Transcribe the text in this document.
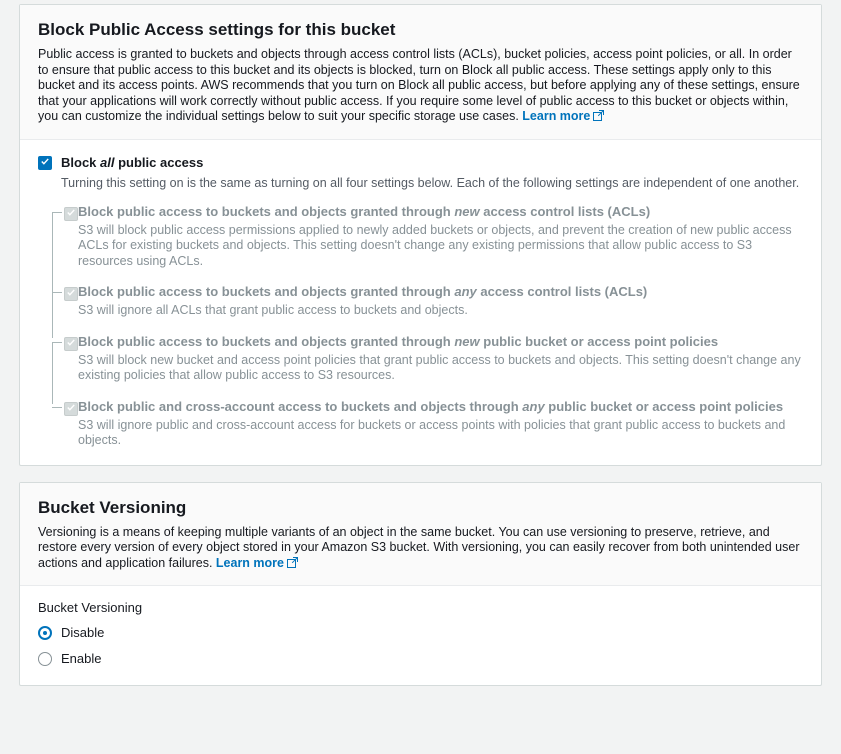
Block Public Access settings for this bucket
Public access is granted to buckets and objects through access control lists (ACLs), bucket policies, access point policies, or all. In order to ensure that public access to this bucket and its objects is blocked, turn on Block all public access. These settings apply only to this bucket and its access points. AWS recommends that you turn on Block all public access, but before applying any of these settings, ensure that your applications will work correctly without public access. If you require some level of public access to this bucket or objects within, you can customize the individual settings below to suit your specific storage use cases. Learn more
Block all public access
Turning this setting on is the same as turning on all four settings below. Each of the following settings are independent of one another.
Block public access to buckets and objects granted through new access control lists (ACLs)
S3 will block public access permissions applied to newly added buckets or objects, and prevent the creation of new public access ACLs for existing buckets and objects. This setting doesn't change any existing permissions that allow public access to S3 resources using ACLs.
Block public access to buckets and objects granted through any access control lists (ACLs)
S3 will ignore all ACLs that grant public access to buckets and objects.
Block public access to buckets and objects granted through new public bucket or access point policies
S3 will block new bucket and access point policies that grant public access to buckets and objects. This setting doesn't change any existing policies that allow public access to S3 resources.
Block public and cross-account access to buckets and objects through any public bucket or access point policies
S3 will ignore public and cross-account access for buckets or access points with policies that grant public access to buckets and objects.
Bucket Versioning
Versioning is a means of keeping multiple variants of an object in the same bucket. You can use versioning to preserve, retrieve, and restore every version of every object stored in your Amazon S3 bucket. With versioning, you can easily recover from both unintended user actions and application failures. Learn more
Bucket Versioning
Disable
Enable
